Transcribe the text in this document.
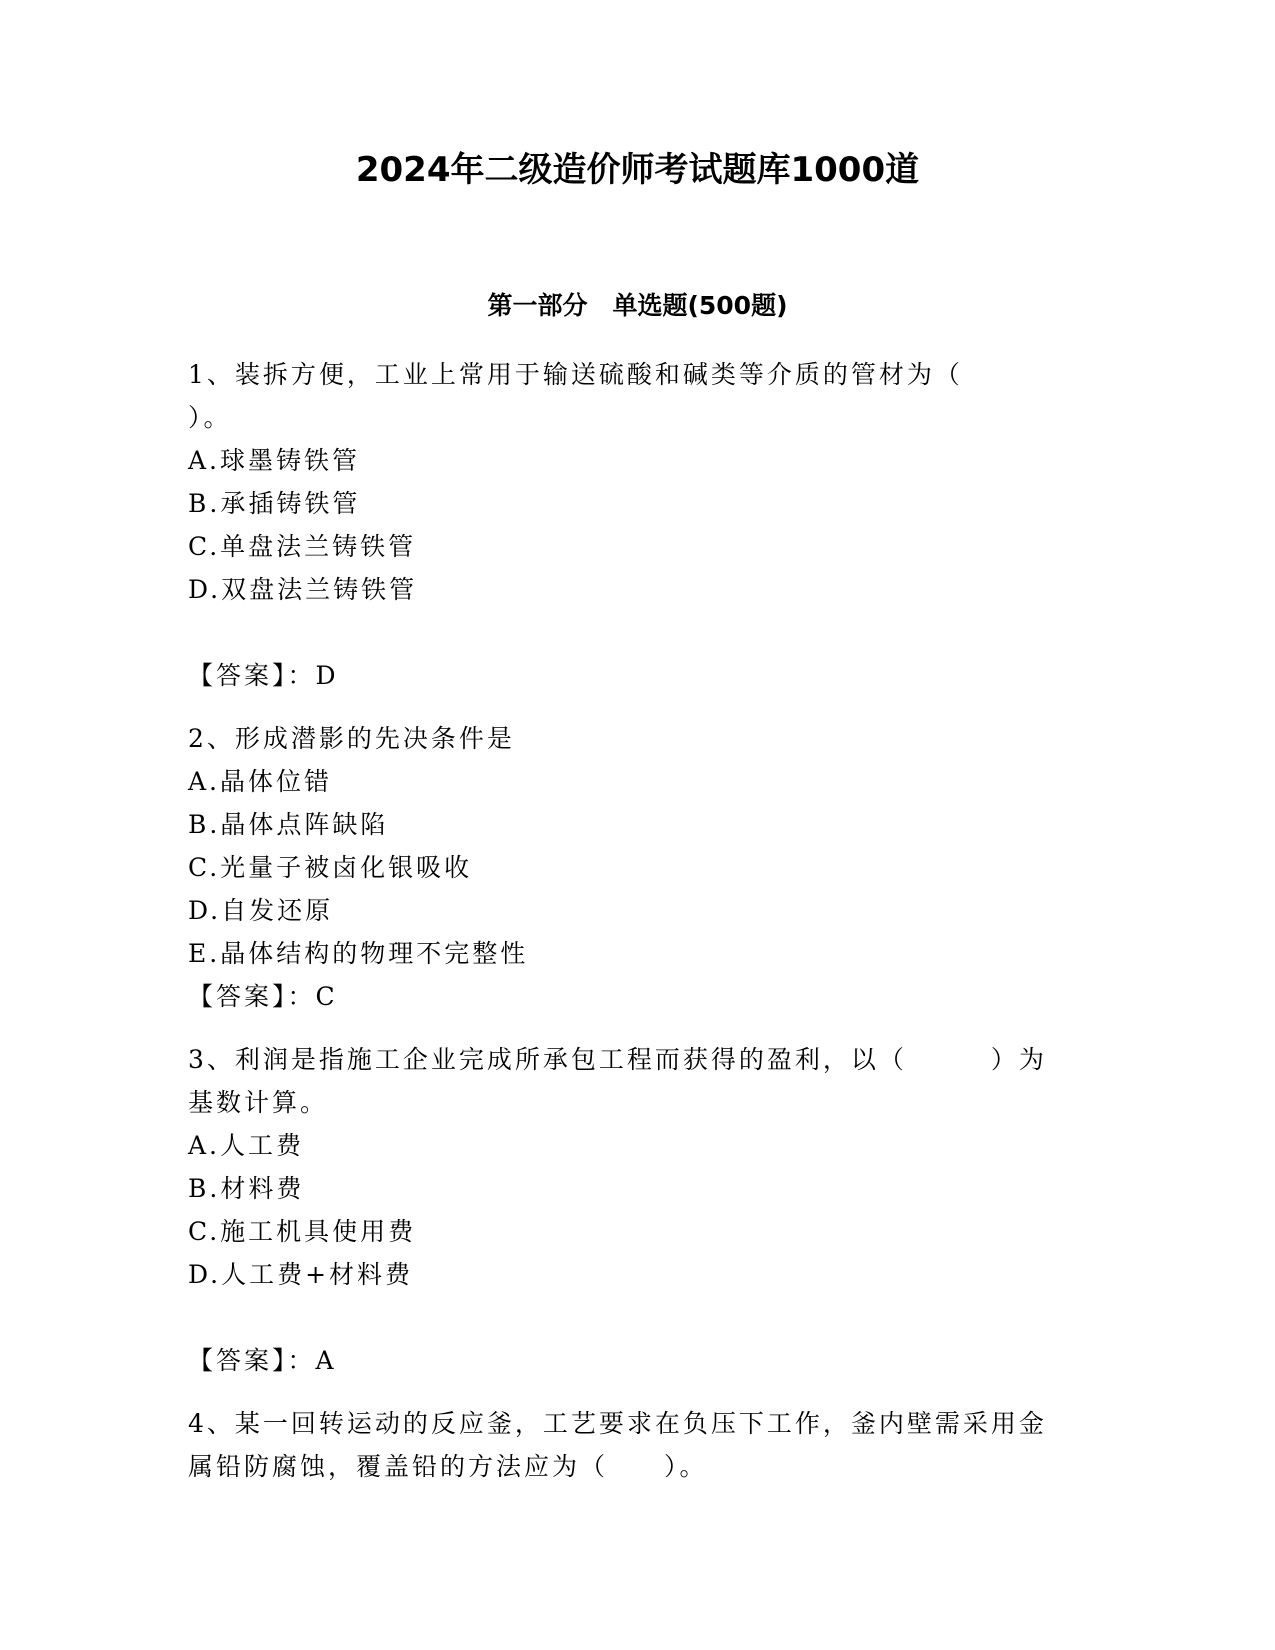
2024年二级造价师考试题库1000道
第一部分　单选题(500题)
1、装拆方便，工业上常用于输送硫酸和碱类等介质的管材为（
）。
A.球墨铸铁管
B.承插铸铁管
C.单盘法兰铸铁管
D.双盘法兰铸铁管
【答案】：D
2、形成潜影的先决条件是
A.晶体位错
B.晶体点阵缺陷
C.光量子被卤化银吸收
D.自发还原
E.晶体结构的物理不完整性
【答案】：C
3、利润是指施工企业完成所承包工程而获得的盈利，以（　　　）为
基数计算。
A.人工费
B.材料费
C.施工机具使用费
D.人工费+材料费
【答案】：A
4、某一回转运动的反应釜，工艺要求在负压下工作，釜内壁需采用金
属铅防腐蚀，覆盖铅的方法应为（　　）。
